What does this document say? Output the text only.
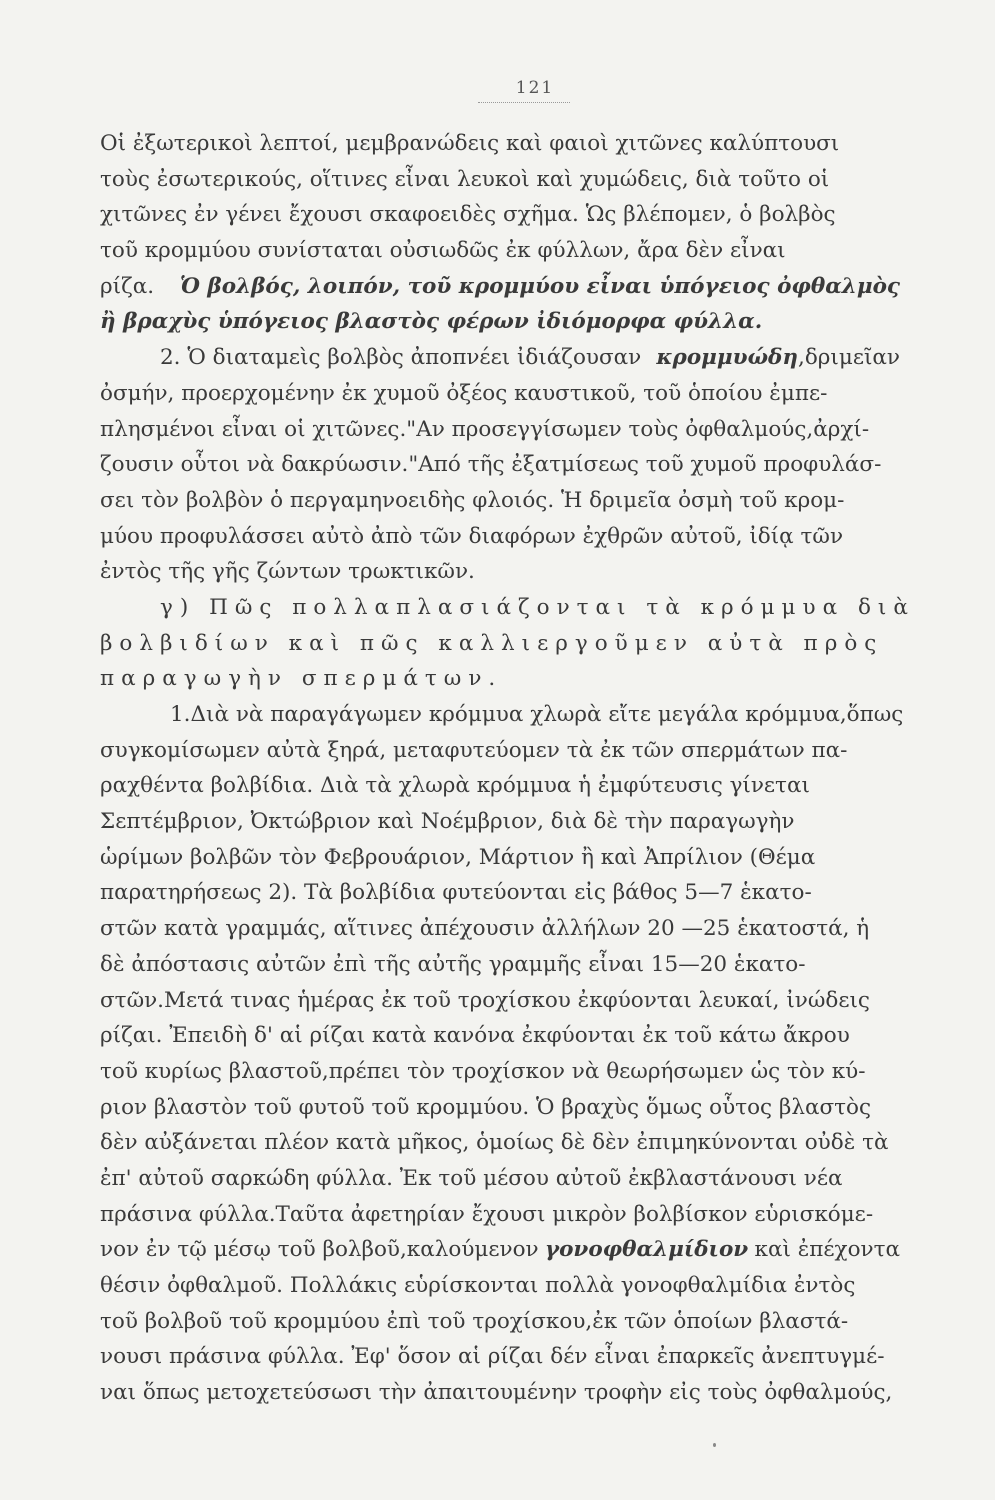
121
Οἱ ἐξωτερικοὶ λεπτοί, μεμβρανώδεις καὶ φαιοὶ χιτῶνες καλύπτουσι
τοὺς ἐσωτερικούς, οἵτινες εἶναι λευκοὶ καὶ χυμώδεις, διὰ τοῦτο οἱ
χιτῶνες ἐν γένει ἔχουσι σκαφοειδὲς σχῆμα. Ὡς βλέπομεν, ὁ βολβὸς
τοῦ κρομμύου συνίσταται οὐσιωδῶς ἐκ φύλλων, ἄρα δὲν εἶναι
ρίζα. Ὁ βολβός, λοιπόν, τοῦ κρομμύου εἶναι ὑπόγειος ὀφθαλμὸς
ἢ βραχὺς ὑπόγειος βλαστὸς φέρων ἰδιόμορφα φύλλα.
2. Ὁ διαταμεὶς βολβὸς ἀποπνέει ἰδιάζουσαν κρομμυώδη,δριμεῖαν
ὀσμήν, προερχομένην ἐκ χυμοῦ ὀξέος καυστικοῦ, τοῦ ὁποίου ἐμπε-
πλησμένοι εἶναι οἱ χιτῶνες."Αν προσεγγίσωμεν τοὺς ὀφθαλμούς,ἀρχί-
ζουσιν οὗτοι νὰ δακρύωσιν."Από τῆς ἐξατμίσεως τοῦ χυμοῦ προφυλάσ-
σει τὸν βολβὸν ὁ περγαμηνοειδὴς φλοιός. Ἡ δριμεῖα ὀσμὴ τοῦ κρομ-
μύου προφυλάσσει αὐτὸ ἀπὸ τῶν διαφόρων ἐχθρῶν αὐτοῦ, ἰδίᾳ τῶν
ἐντὸς τῆς γῆς ζώντων τρωκτικῶν.
γ) Πῶς πολλαπλασιάζονται τὰ κρόμμυα διὰ
βολβιδίων καὶ πῶς καλλιεργοῦμεν αὐτὰ πρὸς
παραγωγὴν σπερμάτων.
1.Διὰ νὰ παραγάγωμεν κρόμμυα χλωρὰ εἴτε μεγάλα κρόμμυα,ὅπως
συγκομίσωμεν αὐτὰ ξηρά, μεταφυτεύομεν τὰ ἐκ τῶν σπερμάτων πα-
ραχθέντα βολβίδια. Διὰ τὰ χλωρὰ κρόμμυα ἡ ἐμφύτευσις γίνεται
Σεπτέμβριον, Ὀκτώβριον καὶ Νοέμβριον, διὰ δὲ τὴν παραγωγὴν
ὡρίμων βολβῶν τὸν Φεβρουάριον, Μάρτιον ἢ καὶ Ἀπρίλιον (Θέμα
παρατηρήσεως 2). Τὰ βολβίδια φυτεύονται εἰς βάθος 5—7 ἑκατο-
στῶν κατὰ γραμμάς, αἵτινες ἀπέχουσιν ἀλλήλων 20 —25 ἑκατοστά, ἡ
δὲ ἀπόστασις αὐτῶν ἐπὶ τῆς αὐτῆς γραμμῆς εἶναι 15—20 ἑκατο-
στῶν.Μετά τινας ἡμέρας ἐκ τοῦ τροχίσκου ἐκφύονται λευκαί, ἰνώδεις
ρίζαι. Ἐπειδὴ δ' αἱ ρίζαι κατὰ κανόνα ἐκφύονται ἐκ τοῦ κάτω ἄκρου
τοῦ κυρίως βλαστοῦ,πρέπει τὸν τροχίσκον νὰ θεωρήσωμεν ὡς τὸν κύ-
ριον βλαστὸν τοῦ φυτοῦ τοῦ κρομμύου. Ὁ βραχὺς ὅμως οὗτος βλαστὸς
δὲν αὐξάνεται πλέον κατὰ μῆκος, ὁμοίως δὲ δὲν ἐπιμηκύνονται οὐδὲ τὰ
ἐπ' αὐτοῦ σαρκώδη φύλλα. Ἐκ τοῦ μέσου αὐτοῦ ἐκβλαστάνουσι νέα
πράσινα φύλλα.Ταῦτα ἀφετηρίαν ἔχουσι μικρὸν βολβίσκον εὑρισκόμε-
νον ἐν τῷ μέσῳ τοῦ βολβοῦ,καλούμενον γονοφθαλμίδιον καὶ ἐπέχοντα
θέσιν ὀφθαλμοῦ. Πολλάκις εὑρίσκονται πολλὰ γονοφθαλμίδια ἐντὸς
τοῦ βολβοῦ τοῦ κρομμύου ἐπὶ τοῦ τροχίσκου,ἐκ τῶν ὁποίων βλαστά-
νουσι πράσινα φύλλα. Ἐφ' ὅσον αἱ ρίζαι δέν εἶναι ἐπαρκεῖς ἀνεπτυγμέ-
ναι ὅπως μετοχετεύσωσι τὴν ἀπαιτουμένην τροφὴν εἰς τοὺς ὀφθαλμούς,
